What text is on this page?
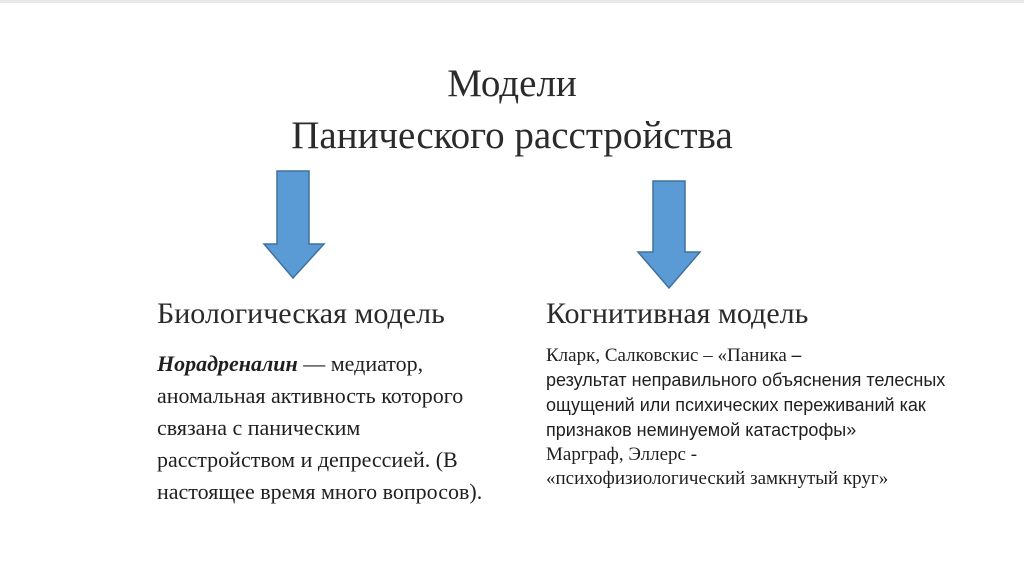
Модели
Панического расстройства
Биологическая модель	Когнитивная модель
Норадреналин — медиатор, аномальная активность которого связана с паническим расстройством и депрессией. (В настоящее время много вопросов).
Кларк, Салковскис – «Паника –
результат неправильного объяснения телесных ощущений или психических переживаний как признаков неминуемой катастрофы»
Марграф, Эллерс -
«психофизиологический замкнутый круг»
